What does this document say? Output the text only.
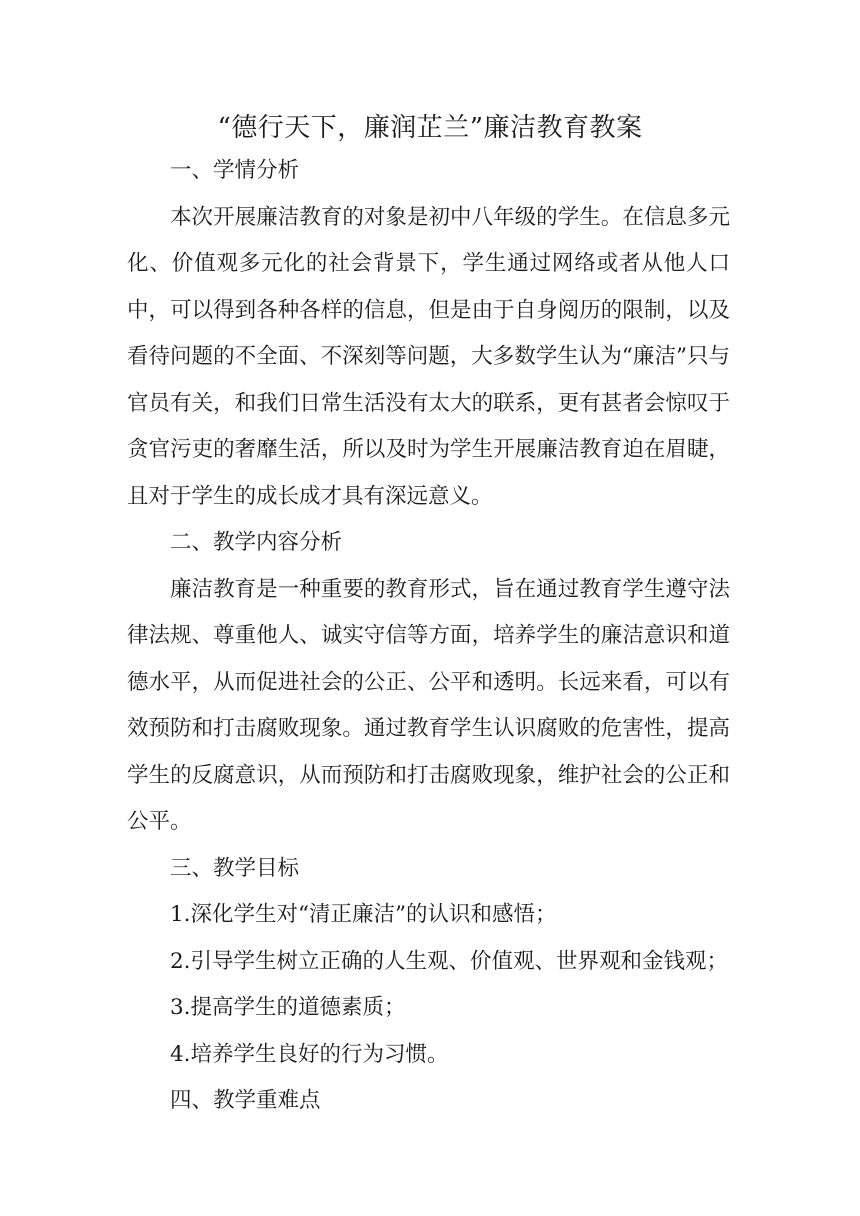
“德行天下，廉润芷兰”廉洁教育教案

一、学情分析

本次开展廉洁教育的对象是初中八年级的学生。在信息多元化、价值观多元化的社会背景下，学生通过网络或者从他人口中，可以得到各种各样的信息，但是由于自身阅历的限制，以及看待问题的不全面、不深刻等问题，大多数学生认为“廉洁”只与官员有关，和我们日常生活没有太大的联系，更有甚者会惊叹于贪官污吏的奢靡生活，所以及时为学生开展廉洁教育迫在眉睫，且对于学生的成长成才具有深远意义。

二、教学内容分析

廉洁教育是一种重要的教育形式，旨在通过教育学生遵守法律法规、尊重他人、诚实守信等方面，培养学生的廉洁意识和道德水平，从而促进社会的公正、公平和透明。长远来看，可以有效预防和打击腐败现象。通过教育学生认识腐败的危害性，提高学生的反腐意识，从而预防和打击腐败现象，维护社会的公正和公平。

三、教学目标

1.深化学生对“清正廉洁”的认识和感悟；

2.引导学生树立正确的人生观、价值观、世界观和金钱观；

3.提高学生的道德素质；

4.培养学生良好的行为习惯。

四、教学重难点
